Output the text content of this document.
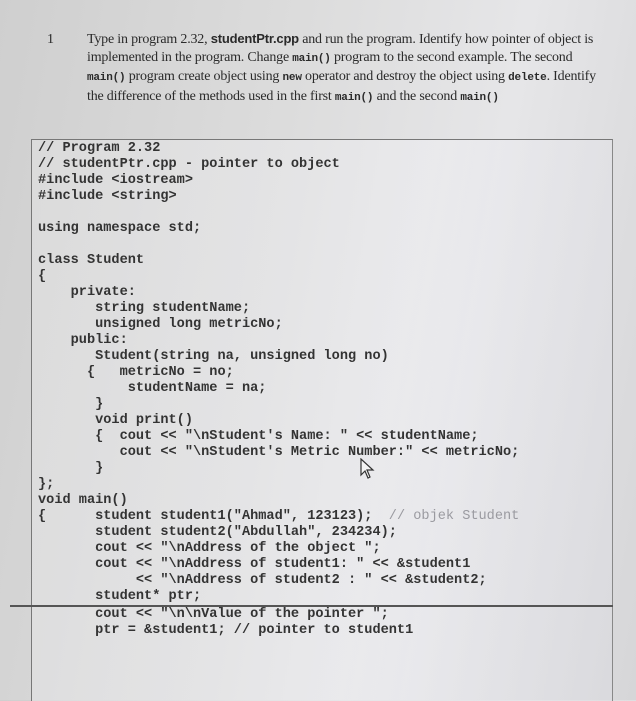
1 Type in program 2.32, studentPtr.cpp and run the program. Identify how pointer of object is implemented in the program. Change main() program to the second example. The second main() program create object using new operator and destroy the object using delete. Identify the difference of the methods used in the first main() and the second main()
// Program 2.32
// studentPtr.cpp - pointer to object
#include <iostream>
#include <string>
using namespace std;
class Student
{
private:
string studentName;
unsigned long metricNo;
public:
Student(string na, unsigned long no)
{   metricNo = no;
studentName = na;
}
void print()
{  cout << "\nStudent's Name: " << studentName;
cout << "\nStudent's Metric Number:" << metricNo;
}
};
void main()
{      student student1("Ahmad", 123123);  // objek Student
student student2("Abdullah", 234234);
cout << "\nAddress of the object ";
cout << "\nAddress of student1: " << &student1
<< "\nAddress of student2 : " << &student2;
student* ptr;
cout << "\n\nValue of the pointer ";
ptr = &student1; // pointer to student1
